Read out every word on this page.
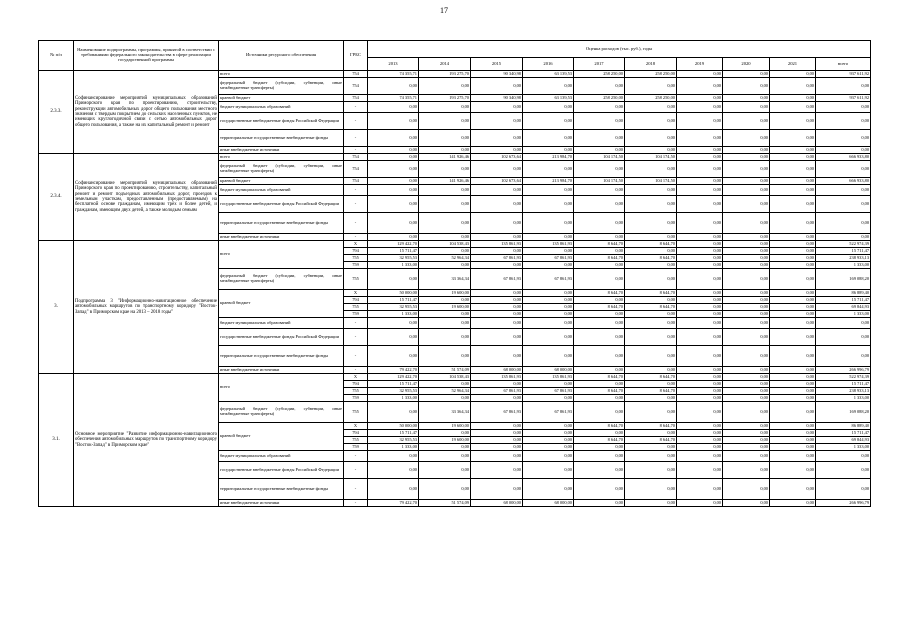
17
№ п/п	Наименование подпрограммы, программы, принятой в соответствии с требованиями федерального законодательства в сфере реализации государственной программы	Источники ресурсного обеспечения	ГРБС	Оценка расходов (тыс. руб.), годы									
				2013	2014	2015	2016	2017	2018	2019	2020	2021	всего
2.3.3.	Софинансирование мероприятий муниципальных образований Приморского края по проектированию, строительству, реконструкции автомобильных дорог общего пользования местного значения с твердым покрытием до сельских населенных пунктов, не имеющих круглогодичной связи с сетью автомобильных дорог общего пользования, а также на их капитальный ремонт и ремонт	всего	754	74 355,71	193 275,70	90 340,98	63 139,53	258 250,00	258 250,00	0,00	0,00	0,00	937 611,92
		федеральный бюджет (субсидии, субвенции, иные межбюджетные трансферты)	754	0,00	0,00	0,00	0,00	0,00	0,00	0,00	0,00	0,00	0,00
		краевой бюджет	754	74 355,71	193 275,70	90 340,98	63 139,53	258 250,00	258 250,00	0,00	0,00	0,00	937 611,92
		бюджет муниципальных образований	-	0,00	0,00	0,00	0,00	0,00	0,00	0,00	0,00	0,00	0,00
		государственные внебюджетные фонды Российской Федерации	-	0,00	0,00	0,00	0,00	0,00	0,00	0,00	0,00	0,00	0,00
		территориальные государственные внебюджетные фонды	-	0,00	0,00	0,00	0,00	0,00	0,00	0,00	0,00	0,00	0,00
		иные внебюджетные источники	-	0,00	0,00	0,00	0,00	0,00	0,00	0,00	0,00	0,00	0,00
2.3.4.	Софинансирование мероприятий муниципальных образований Приморского края по проектированию, строительству, капитальный ремонт и ремонт подъездных автомобильных дорог, проездов к земельным участкам, предоставленным (предоставляемым) на бесплатной основе гражданам, имеющим трёх и более детей, и гражданам, имеющим двух детей, а также молодым семьям	всего	754	0,00	141 926,46	102 673,64	213 984,70	104 174,50	104 174,50	0,00	0,00	0,00	666 933,80
		федеральный бюджет (субсидии, субвенции, иные межбюджетные трансферты)	754	0,00	0,00	0,00	0,00	0,00	0,00	0,00	0,00	0,00	0,00
		краевой бюджет	754	0,00	141 926,46	102 673,64	213 984,70	104 174,50	104 174,50	0,00	0,00	0,00	666 933,80
		бюджет муниципальных образований	-	0,00	0,00	0,00	0,00	0,00	0,00	0,00	0,00	0,00	0,00
		государственные внебюджетные фонды Российской Федерации	-	0,00	0,00	0,00	0,00	0,00	0,00	0,00	0,00	0,00	0,00
		территориальные государственные внебюджетные фонды	-	0,00	0,00	0,00	0,00	0,00	0,00	0,00	0,00	0,00	0,00
		иные внебюджетные источники	-	0,00	0,00	0,00	0,00	0,00	0,00	0,00	0,00	0,00	0,00
3.	Подпрограмма 3 "Информационно-навигационное обеспечение автомобильных маршрутов по транспортному коридору "Восток-Запад" в Приморском крае на 2013 – 2018 годы"	всего	X	129 422,70	104 538,43	135 861,93	135 861,93	8 644,70	8 644,70	0,00	0,00	0,00	522 974,39
			794	15 711,47	0,00	0,00	0,00	0,00	0,00	0,00	0,00	0,00	15 711,47
			755	32 955,53	52 964,34	67 861,93	67 861,93	8 644,70	8 644,70	0,00	0,00	0,00	238 933,13
			759	1 333,00	0,00	0,00	0,00	0,00	0,00	0,00	0,00	0,00	1 333,00
		федеральный бюджет (субсидии, субвенции, иные межбюджетные трансферты)	755	0,00	33 364,34	67 861,93	67 861,93	0,00	0,00	0,00	0,00	0,00	169 088,20
		краевой бюджет	X	50 000,00	19 600,00	0,00	0,00	8 644,70	8 644,70	0,00	0,00	0,00	86 889,40
			794	15 711,47	0,00	0,00	0,00	0,00	0,00	0,00	0,00	0,00	15 711,47
			755	32 955,53	19 600,00	0,00	0,00	8 644,70	8 644,70	0,00	0,00	0,00	69 844,93
			759	1 333,00	0,00	0,00	0,00	0,00	0,00	0,00	0,00	0,00	1 333,00
		бюджет муниципальных образований	-	0,00	0,00	0,00	0,00	0,00	0,00	0,00	0,00	0,00	0,00
		государственные внебюджетные фонды Российской Федерации	-	0,00	0,00	0,00	0,00	0,00	0,00	0,00	0,00	0,00	0,00
		территориальные государственные внебюджетные фонды	-	0,00	0,00	0,00	0,00	0,00	0,00	0,00	0,00	0,00	0,00
		иные внебюджетные источники	-	79 422,70	51 574,09	68 000,00	68 000,00	0,00	0,00	0,00	0,00	0,00	266 996,79
3.1.	Основное мероприятие "Развитие информационно-навигационного обеспечения автомобильных маршрутов по транспортному коридору "Восток-Запад" в Приморском крае"	всего	X	129 422,70	104 538,43	135 861,93	135 861,93	8 644,70	8 644,70	0,00	0,00	0,00	522 974,39
			794	15 711,47	0,00	0,00	0,00	0,00	0,00	0,00	0,00	0,00	15 711,47
			755	32 955,53	52 964,34	67 861,93	67 861,93	8 644,70	8 644,70	0,00	0,00	0,00	238 933,13
			759	1 333,00	0,00	0,00	0,00	0,00	0,00	0,00	0,00	0,00	1 333,00
		федеральный бюджет (субсидии, субвенции, иные межбюджетные трансферты)	755	0,00	33 364,34	67 861,93	67 861,93	0,00	0,00	0,00	0,00	0,00	169 088,20
		краевой бюджет	X	50 000,00	19 600,00	0,00	0,00	8 644,70	8 644,70	0,00	0,00	0,00	86 889,40
			794	15 711,47	0,00	0,00	0,00	0,00	0,00	0,00	0,00	0,00	15 711,47
			755	32 955,53	19 600,00	0,00	0,00	8 644,70	8 644,70	0,00	0,00	0,00	69 844,93
			759	1 333,00	0,00	0,00	0,00	0,00	0,00	0,00	0,00	0,00	1 333,00
		бюджет муниципальных образований	-	0,00	0,00	0,00	0,00	0,00	0,00	0,00	0,00	0,00	0,00
		государственные внебюджетные фонды Российской Федерации	-	0,00	0,00	0,00	0,00	0,00	0,00	0,00	0,00	0,00	0,00
		территориальные государственные внебюджетные фонды	-	0,00	0,00	0,00	0,00	0,00	0,00	0,00	0,00	0,00	0,00
		иные внебюджетные источники	-	79 422,70	51 574,09	68 000,00	68 000,00	0,00	0,00	0,00	0,00	0,00	266 996,79
